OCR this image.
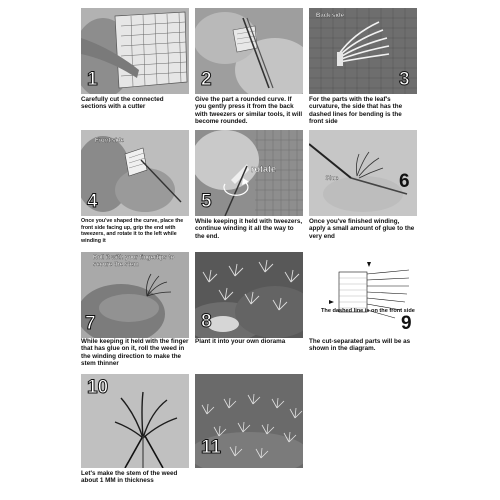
1
Carefully cut the connected sections with a cutter
2
Give the part a rounded curve. If you gently press it from the back with tweezers or similar tools, it will become rounded.
Back side
3
For the parts with the leaf's curvature, the side that has the dashed lines for bending is the front side
Front side
4
Once you've shaped the curve, place the front side facing up, grip the end with tweezers, and rotate it to the left while winding it
rotate
5
While keeping it held with tweezers, continue winding it all the way to the end.
Glue	6
Once you've finished winding, apply a small amount of glue to the very end
Roll it with your fingertips to secure the stem
7
While keeping it held with the finger that has glue on it, roll the weed in the winding direction to make the stem thinner
8
Plant it into your own diorama
The dashed line is on the front side
9
The cut-separated parts will be as shown in the diagram.
10
Let's make the stem of the weed about 1 MM in thickness
11
